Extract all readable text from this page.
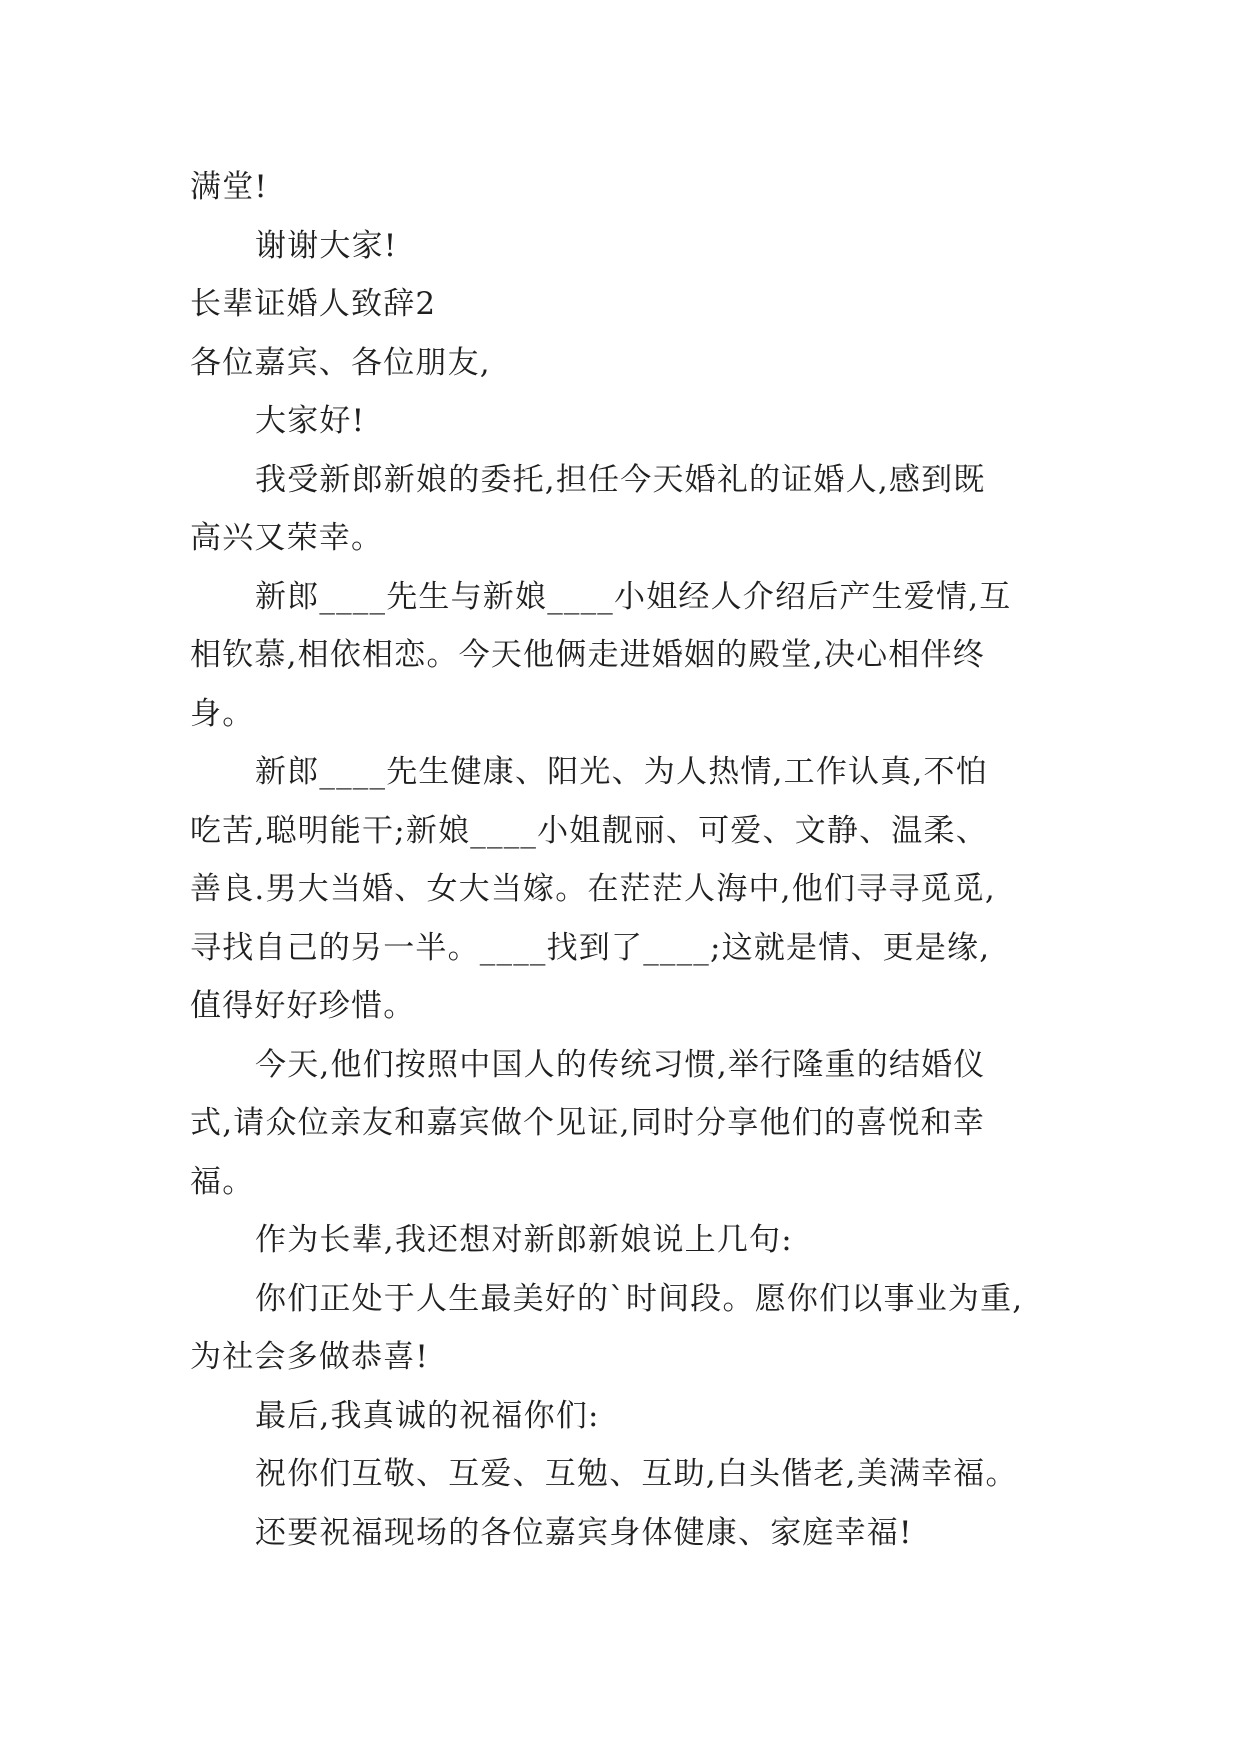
满堂!

谢谢大家!

长辈证婚人致辞2

各位嘉宾、各位朋友,

大家好!

我受新郎新娘的委托,担任今天婚礼的证婚人,感到既

高兴又荣幸。

新郎____先生与新娘____小姐经人介绍后产生爱情,互

相钦慕,相依相恋。今天他俩走进婚姻的殿堂,决心相伴终

身。

新郎____先生健康、阳光、为人热情,工作认真,不怕

吃苦,聪明能干;新娘____小姐靓丽、可爱、文静、温柔、

善良.男大当婚、女大当嫁。在茫茫人海中,他们寻寻觅觅,

寻找自己的另一半。____找到了____;这就是情、更是缘,

值得好好珍惜。

今天,他们按照中国人的传统习惯,举行隆重的结婚仪

式,请众位亲友和嘉宾做个见证,同时分享他们的喜悦和幸

福。

作为长辈,我还想对新郎新娘说上几句:

你们正处于人生最美好的`时间段。愿你们以事业为重,

为社会多做恭喜!

最后,我真诚的祝福你们:

祝你们互敬、互爱、互勉、互助,白头偕老,美满幸福。

还要祝福现场的各位嘉宾身体健康、家庭幸福!
